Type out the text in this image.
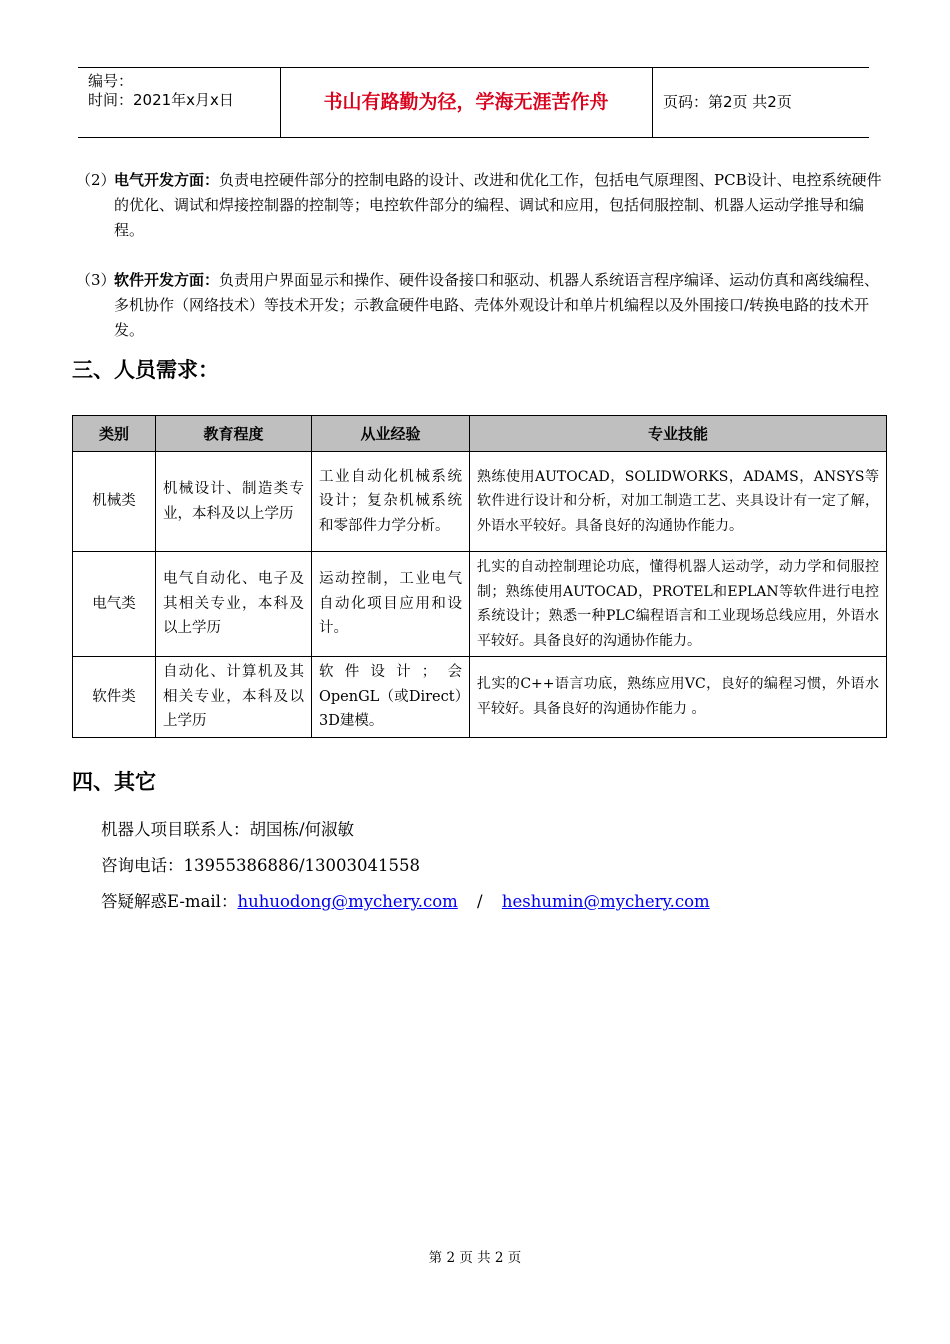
编号：
时间：2021年x月x日	书山有路勤为径，学海无涯苦作舟	页码：第2页 共2页
（2）
电气开发方面：负责电控硬件部分的控制电路的设计、改进和优化工作，包括电气原理图、PCB设计、电控系统硬件的优化、调试和焊接控制器的控制等；电控软件部分的编程、调试和应用，包括伺服控制、机器人运动学推导和编程。
（3）
软件开发方面：负责用户界面显示和操作、硬件设备接口和驱动、机器人系统语言程序编译、运动仿真和离线编程、多机协作（网络技术）等技术开发；示教盒硬件电路、壳体外观设计和单片机编程以及外围接口/转换电路的技术开发。
三、人员需求：
类别	教育程度	从业经验	专业技能
机械类	机械设计、制造类专业，本科及以上学历	工业自动化机械系统设计；复杂机械系统和零部件力学分析。	熟练使用AUTOCAD，SOLIDWORKS，ADAMS，ANSYS等软件进行设计和分析，对加工制造工艺、夹具设计有一定了解，外语水平较好。具备良好的沟通协作能力。
电气类	电气自动化、电子及其相关专业，本科及以上学历	运动控制，工业电气自动化项目应用和设计。	扎实的自动控制理论功底，懂得机器人运动学，动力学和伺服控制；熟练使用AUTOCAD，PROTEL和EPLAN等软件进行电控系统设计；熟悉一种PLC编程语言和工业现场总线应用，外语水平较好。具备良好的沟通协作能力。
软件类	自动化、计算机及其相关专业，本科及以上学历	软件设计；会OpenGL（或Direct）3D建模。	扎实的C++语言功底，熟练应用VC，良好的编程习惯，外语水平较好。具备良好的沟通协作能力 。
四、其它
机器人项目联系人：胡国栋/何淑敏
咨询电话：13955386886/13003041558
答疑解惑E-mail：huhuodong@mychery.com / heshumin@mychery.com
第 2 页 共 2 页
